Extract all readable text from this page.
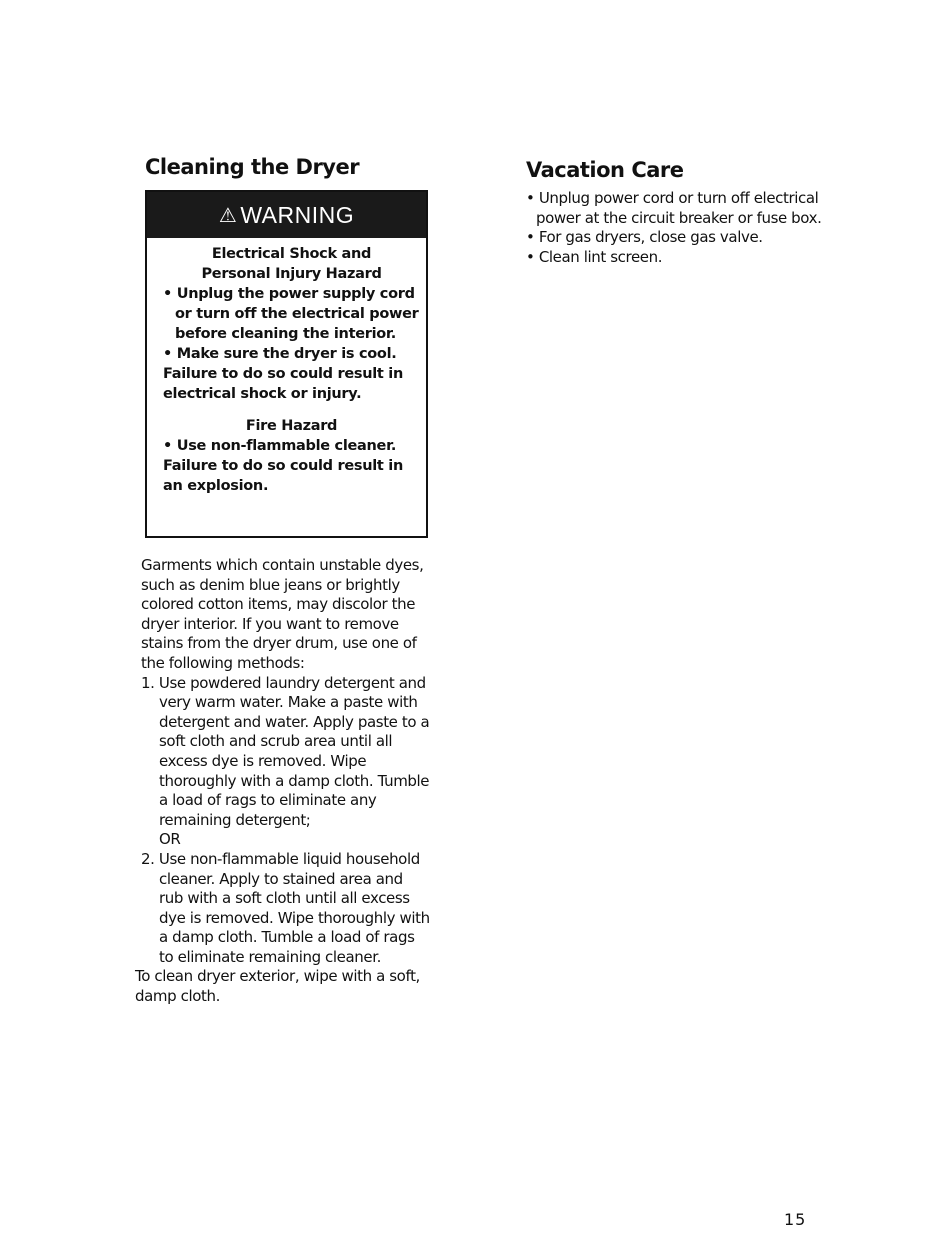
Cleaning the Dryer
⚠ WARNING
Electrical Shock and
Personal Injury Hazard
• Unplug the power supply cord or turn off the electrical power before cleaning the interior.
• Make sure the dryer is cool.
Failure to do so could result in electrical shock or injury.
Fire Hazard
• Use non-flammable cleaner.
Failure to do so could result in an explosion.

Garments which contain unstable dyes, such as denim blue jeans or brightly colored cotton items, may discolor the dryer interior. If you want to remove stains from the dryer drum, use one of the following methods:

1. Use powdered laundry detergent and very warm water. Make a paste with detergent and water. Apply paste to a soft cloth and scrub area until all excess dye is removed. Wipe thoroughly with a damp cloth. Tumble a load of rags to eliminate any remaining detergent;

OR

2. Use non-flammable liquid household cleaner. Apply to stained area and rub with a soft cloth until all excess dye is removed. Wipe thoroughly with a damp cloth. Tumble a load of rags to eliminate remaining cleaner.

To clean dryer exterior, wipe with a soft, damp cloth.

Vacation Care
• Unplug power cord or turn off electrical power at the circuit breaker or fuse box.
• For gas dryers, close gas valve.
• Clean lint screen.
15
